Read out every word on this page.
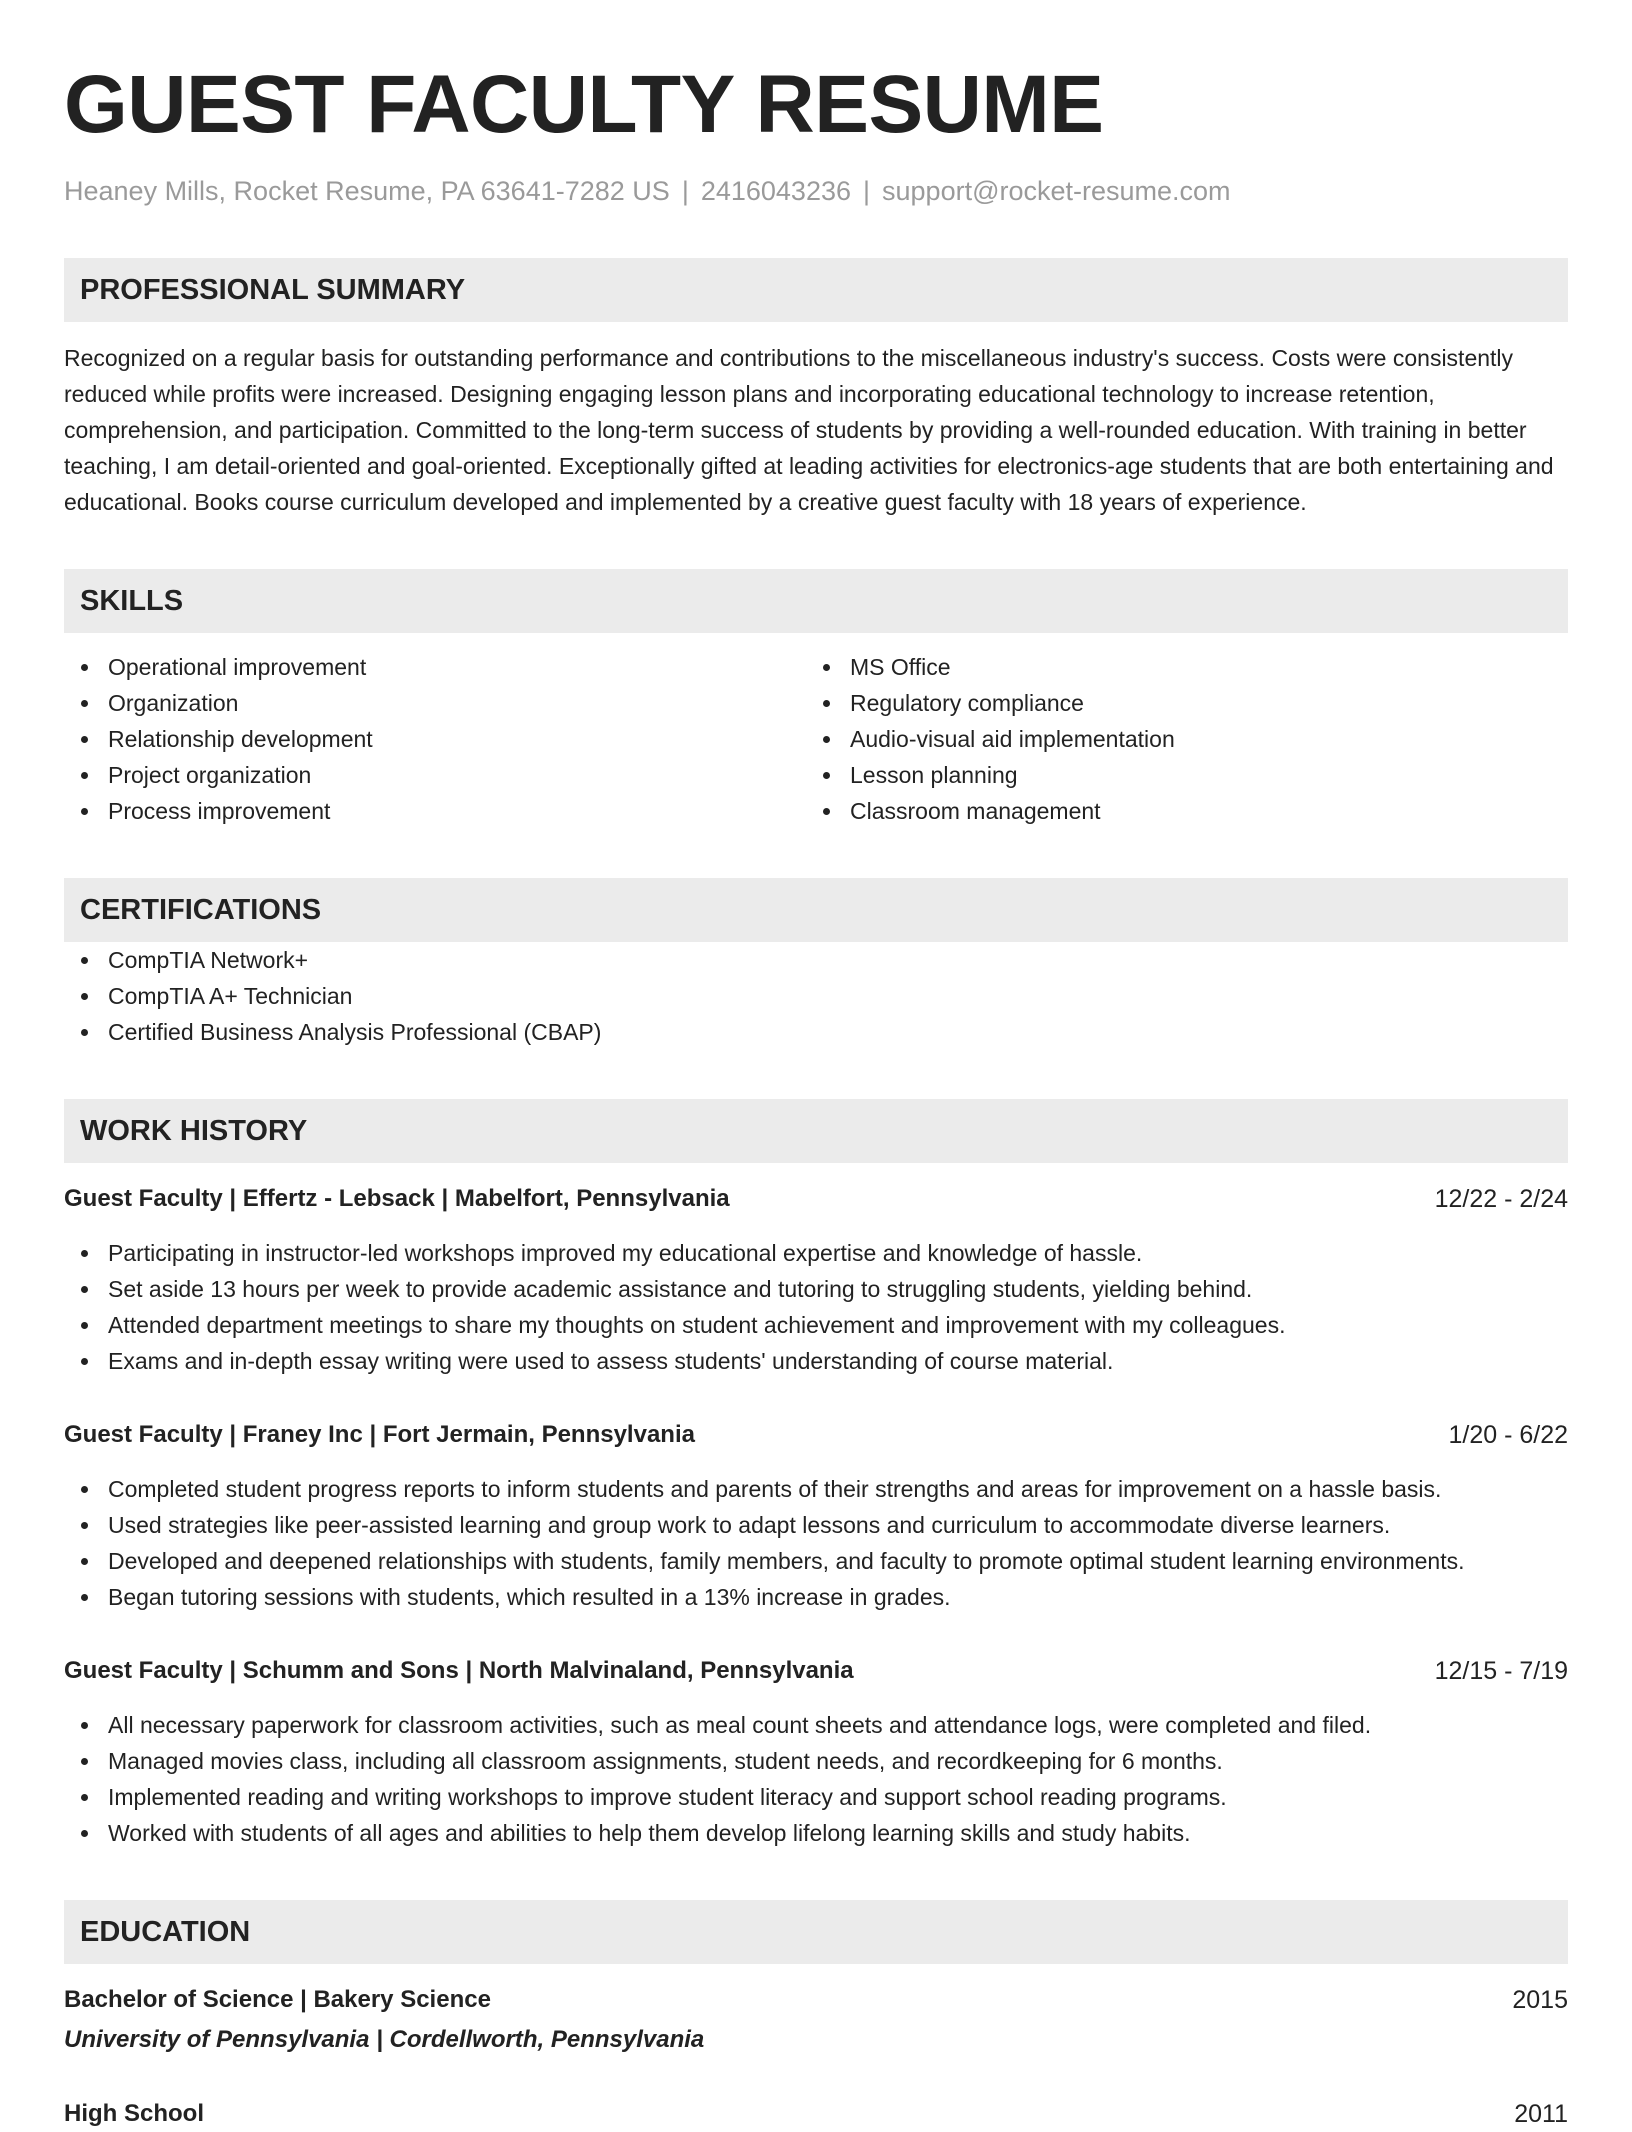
GUEST FACULTY RESUME
Heaney Mills, Rocket Resume, PA 63641-7282 US | 2416043236 | support@rocket-resume.com
PROFESSIONAL SUMMARY
Recognized on a regular basis for outstanding performance and contributions to the miscellaneous industry's success. Costs were consistently reduced while profits were increased. Designing engaging lesson plans and incorporating educational technology to increase retention, comprehension, and participation. Committed to the long-term success of students by providing a well-rounded education. With training in better teaching, I am detail-oriented and goal-oriented. Exceptionally gifted at leading activities for electronics-age students that are both entertaining and educational. Books course curriculum developed and implemented by a creative guest faculty with 18 years of experience.
SKILLS
Operational improvement
Organization
Relationship development
Project organization
Process improvement
MS Office
Regulatory compliance
Audio-visual aid implementation
Lesson planning
Classroom management
CERTIFICATIONS
CompTIA Network+
CompTIA A+ Technician
Certified Business Analysis Professional (CBAP)
WORK HISTORY
Guest Faculty | Effertz - Lebsack | Mabelfort, Pennsylvania	12/22 - 2/24
Participating in instructor-led workshops improved my educational expertise and knowledge of hassle.
Set aside 13 hours per week to provide academic assistance and tutoring to struggling students, yielding behind.
Attended department meetings to share my thoughts on student achievement and improvement with my colleagues.
Exams and in-depth essay writing were used to assess students' understanding of course material.
Guest Faculty | Franey Inc | Fort Jermain, Pennsylvania	1/20 - 6/22
Completed student progress reports to inform students and parents of their strengths and areas for improvement on a hassle basis.
Used strategies like peer-assisted learning and group work to adapt lessons and curriculum to accommodate diverse learners.
Developed and deepened relationships with students, family members, and faculty to promote optimal student learning environments.
Began tutoring sessions with students, which resulted in a 13% increase in grades.
Guest Faculty | Schumm and Sons | North Malvinaland, Pennsylvania	12/15 - 7/19
All necessary paperwork for classroom activities, such as meal count sheets and attendance logs, were completed and filed.
Managed movies class, including all classroom assignments, student needs, and recordkeeping for 6 months.
Implemented reading and writing workshops to improve student literacy and support school reading programs.
Worked with students of all ages and abilities to help them develop lifelong learning skills and study habits.
EDUCATION
Bachelor of Science | Bakery Science	2015
University of Pennsylvania | Cordellworth, Pennsylvania
High School	2011
